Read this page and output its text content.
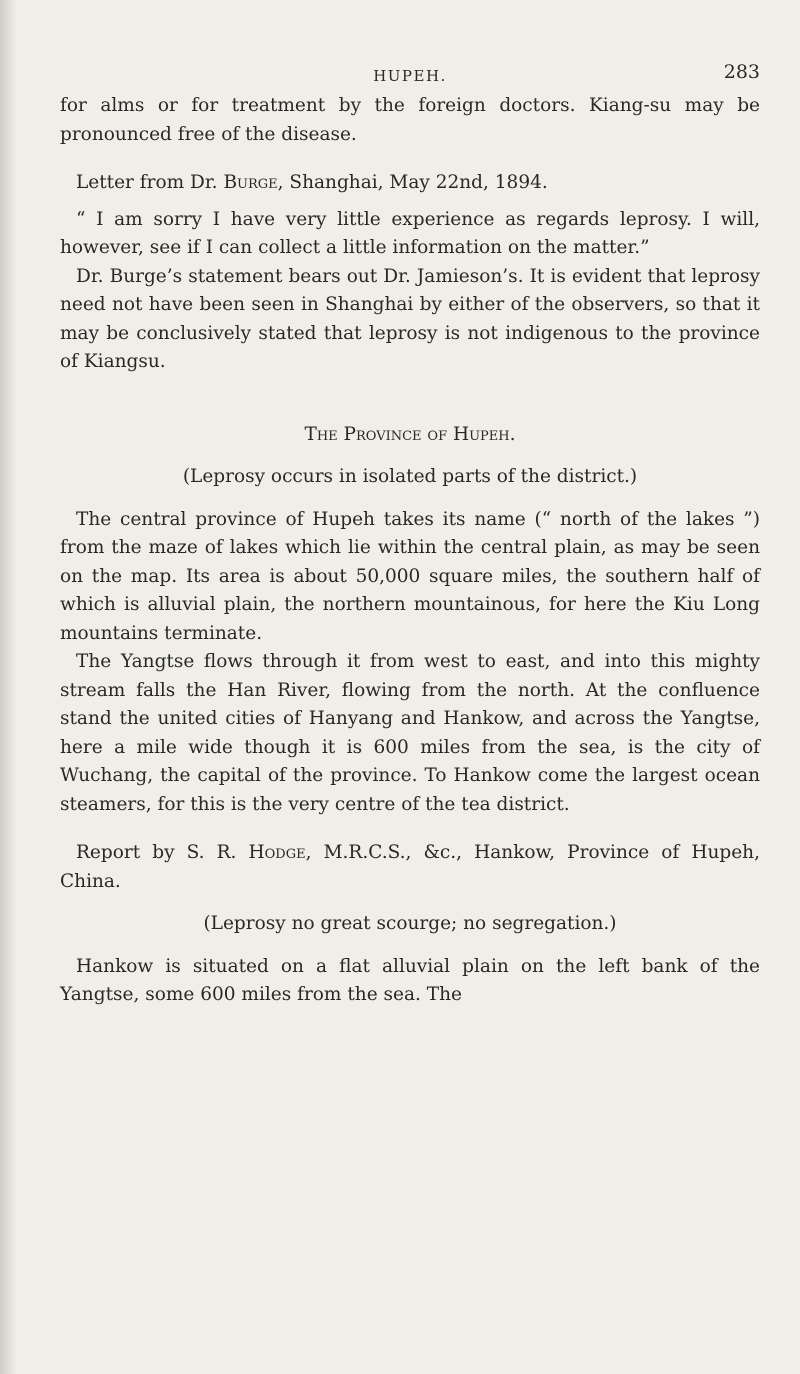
HUPEH.	283

for alms or for treatment by the foreign doctors. Kiang-su may be pronounced free of the disease.

Letter from Dr. Burge, Shanghai, May 22nd, 1894.

“ I am sorry I have very little experience as regards leprosy. I will, however, see if I can collect a little information on the matter.”

Dr. Burge’s statement bears out Dr. Jamieson’s. It is evident that leprosy need not have been seen in Shanghai by either of the observers, so that it may be conclusively stated that leprosy is not indigenous to the province of Kiangsu.

The Province of Hupeh.

(Leprosy occurs in isolated parts of the district.)

The central province of Hupeh takes its name (“ north of the lakes ”) from the maze of lakes which lie within the central plain, as may be seen on the map. Its area is about 50,000 square miles, the southern half of which is alluvial plain, the northern mountainous, for here the Kiu Long mountains terminate.

The Yangtse flows through it from west to east, and into this mighty stream falls the Han River, flowing from the north. At the confluence stand the united cities of Hanyang and Hankow, and across the Yangtse, here a mile wide though it is 600 miles from the sea, is the city of Wuchang, the capital of the province. To Hankow come the largest ocean steamers, for this is the very centre of the tea district.

Report by S. R. Hodge, M.R.C.S., &c., Hankow, Province of Hupeh, China.

(Leprosy no great scourge; no segregation.)

Hankow is situated on a flat alluvial plain on the left bank of the Yangtse, some 600 miles from the sea. The
